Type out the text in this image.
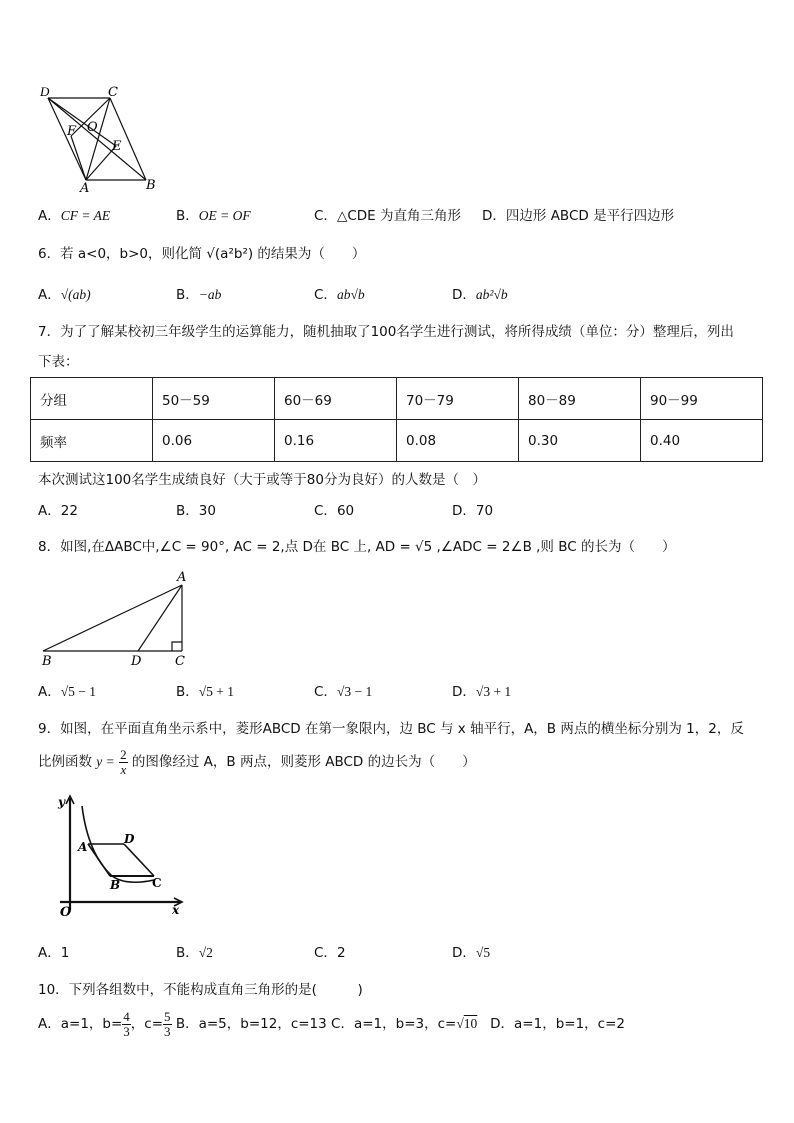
D	C
O
F
E
A	B
A．CF = AE	B．OE = OF	C．△CDE 为直角三角形 D．四边形 ABCD 是平行四边形
6．若 a<0，b>0，则化简 √(a²b²) 的结果为（　　）
A．√(ab)	B．−ab	C．ab√b	D．ab²√b
7．为了了解某校初三年级学生的运算能力，随机抽取了100名学生进行测试，将所得成绩（单位：分）整理后，列出
下表：
分组	50－59	60－69	70－79	80－89	90－99
频率	0.06	0.16	0.08	0.30	0.40
本次测试这100名学生成绩良好（大于或等于80分为良好）的人数是（　）
A．22	B．30	C．60	D．70
8．如图,在ΔABC中,∠C = 90°, AC = 2,点 D在 BC 上, AD = √5 ,∠ADC = 2∠B ,则 BC 的长为（　　）
A
B	D	C
A．√5 − 1	B．√5 + 1	C．√3 − 1	D．√3 + 1
9．如图，在平面直角坐示系中，菱形ABCD 在第一象限内，边 BC 与 x 轴平行，A，B 两点的横坐标分别为 1，2，反
比例函数 $y = \frac{2}{x}$ 的图像经过 A，B 两点，则菱形 ABCD 的边长为（　　）
y
O	x
A
D
B	C
A．1	B．√2	C．2	D．√5
10．下列各组数中，不能构成直角三角形的是(　　　)
A．a=1，$b= \frac{4}{3}$ ，$c= \frac{5}{3}$ B．a=5，b=12，c=13 C．a=1，b=3，c=√10 D．a=1，b=1，c=2
